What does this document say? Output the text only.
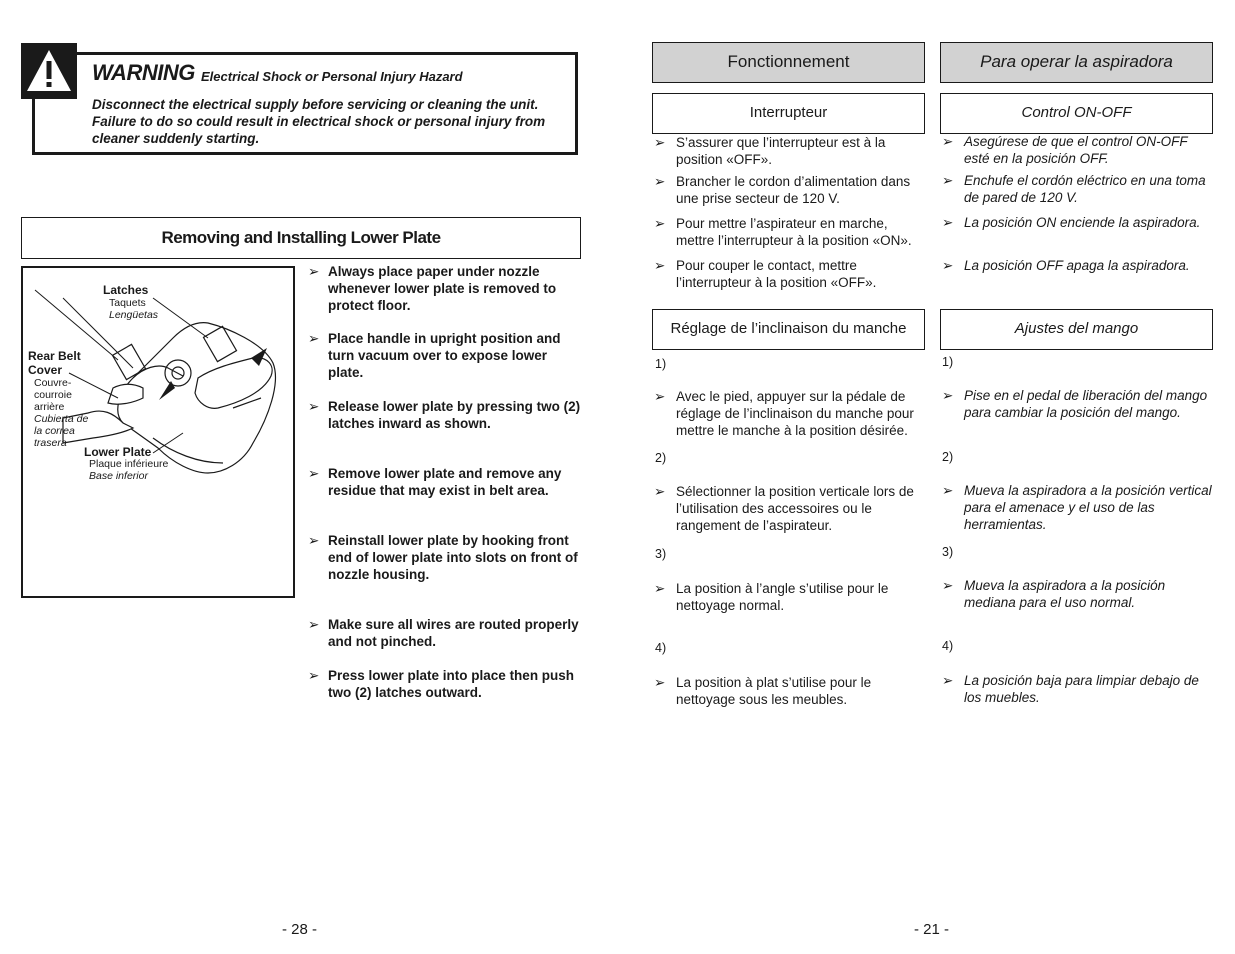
WARNING Electrical Shock or Personal Injury Hazard
Disconnect the electrical supply before servicing or cleaning the unit. Failure to do so could result in electrical shock or personal injury from cleaner suddenly starting.
Removing and Installing Lower Plate
Latches
Taquets
Lengüetas
Rear Belt
Cover
Couvre-
courroie
arrière
Cubierta de
la correa
trasera
Lower Plate
Plaque inférieure
Base inferior
➢ Always place paper under nozzle whenever lower plate is removed to protect floor.
➢ Place handle in upright position and turn vacuum over to expose lower plate.
➢ Release lower plate by pressing two (2) latches inward as shown.
➢ Remove lower plate and remove any residue that may exist in belt area.
➢ Reinstall lower plate by hooking front end of lower plate into slots on front of nozzle housing.
➢ Make sure all wires are routed properly and not pinched.
➢ Press lower plate into place then push two (2) latches outward.
- 28 -
Fonctionnement
Interrupteur
➢ S’assurer que l’interrupteur est à la position «OFF».
➢ Brancher le cordon d’alimentation dans une prise secteur de 120 V.
➢ Pour mettre l’aspirateur en marche, mettre l’interrupteur à la position «ON».
➢ Pour couper le contact, mettre l’interrupteur à la position «OFF».
Réglage de l’inclinaison du manche
1)
➢ Avec le pied, appuyer sur la pédale de réglage de l’inclinaison du manche pour mettre le manche à la position désirée.
2)
➢ Sélectionner la position verticale lors de l’utilisation des accessoires ou le rangement de l’aspirateur.
3)
➢ La position à l’angle s’utilise pour le nettoyage normal.
4)
➢ La position à plat s’utilise pour le nettoyage sous les meubles.
- 21 -
Para operar la aspiradora
Control ON-OFF
➢ Asegúrese de que el control ON-OFF esté en la posición OFF.
➢ Enchufe el cordón eléctrico en una toma de pared de 120 V.
➢ La posición ON enciende la aspiradora.
➢ La posición OFF apaga la aspiradora.
Ajustes del mango
1)
➢ Pise en el pedal de liberación del mango para cambiar la posición del mango.
2)
➢ Mueva la aspiradora a la posición vertical para el amenace y el uso de las herramientas.
3)
➢ Mueva la aspiradora a la posición mediana para el uso normal.
4)
➢ La posición baja para limpiar debajo de los muebles.
